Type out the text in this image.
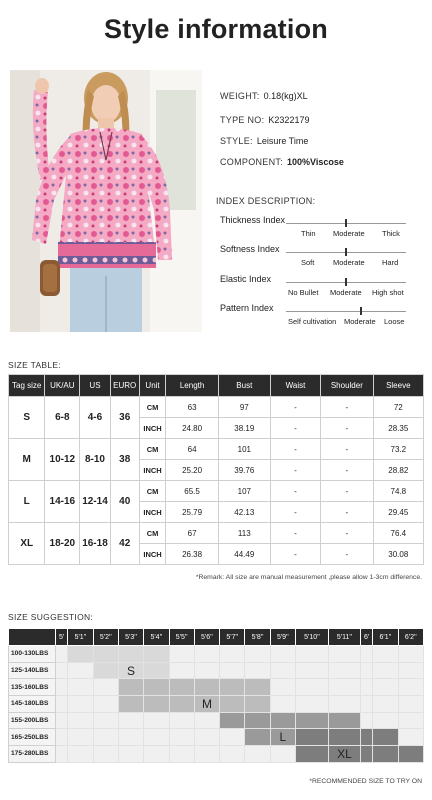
Style information
WEIGHT: 0.18(kg)XL
TYPE NO: K2322179
STYLE: Leisure Time
COMPONENT: 100%Viscose
INDEX DESCRIPTION:
Thickness Index
Thin Moderate Thick
Softness Index
Soft Moderate Hard
Elastic Index
No Bullet Moderate High shot
Pattern Index
Self cultivation Moderate Loose
SIZE TABLE:
Tag size	UK/AU	US	EURO	Unit	Length	Bust	Waist	Shoulder	Sleeve
S	6-8	4-6	36	CM	63	97	-	-	72
				INCH	24.80	38.19	-	-	28.35
M	10-12	8-10	38	CM	64	101	-	-	73.2
				INCH	25.20	39.76	-	-	28.82
L	14-16	12-14	40	CM	65.5	107	-	-	74.8
				INCH	25.79	42.13	-	-	29.45
XL	18-20	16-18	42	CM	67	113	-	-	76.4
				INCH	26.38	44.49	-	-	30.08
*Remark: All size are manual measurement ,please allow 1-3cm difference.
SIZE SUGGESTION:
	5'	5'1''	5'2''	5'3''	5'4''	5'5''	5'6''	5'7''	5'8''	5'9''	5'10''	5'11''	6'	6'1''	6'2''
100-130LBS															
125-140LBS				S											
135-160LBS															
145-180LBS							M								
155-200LBS															
165-250LBS										L					
175-280LBS												XL			
*RECOMMENDED SIZE TO TRY ON
